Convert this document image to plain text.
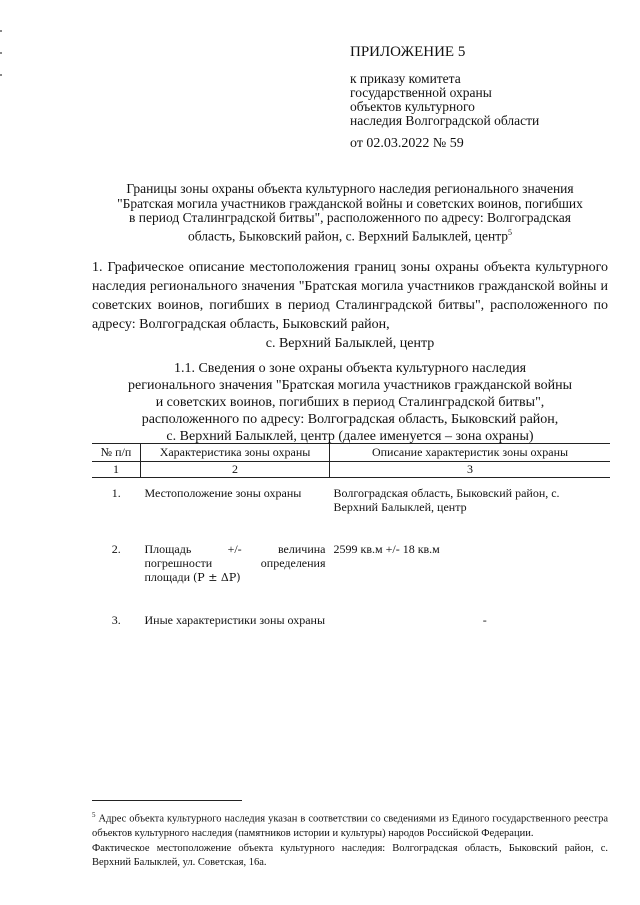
ПРИЛОЖЕНИЕ 5
к приказу комитета
государственной охраны
объектов культурного
наследия Волгоградской области
от 02.03.2022 № 59
Границы зоны охраны объекта культурного наследия регионального значения
"Братская могила участников гражданской войны и советских воинов, погибших
в период Сталинградской битвы", расположенного по адресу: Волгоградская
область, Быковский район, с. Верхний Балыклей, центр$^5$
1. Графическое описание местоположения границ зоны охраны объекта культурного наследия регионального значения "Братская могила участников гражданской войны и советских воинов, погибших в период Сталинградской битвы", расположенного по адресу: Волгоградская область, Быковский район,
с. Верхний Балыклей, центр
1.1. Сведения о зоне охраны объекта культурного наследия
регионального значения "Братская могила участников гражданской войны
и советских воинов, погибших в период Сталинградской битвы",
расположенного по адресу: Волгоградская область, Быковский район,
с. Верхний Балыклей, центр (далее именуется – зона охраны)
№ п/п	Характеристика зоны охраны	Описание характеристик зоны охраны
1	2	3
1.	Местоположение зоны охраны	Волгоградская область, Быковский район, с. Верхний Балыклей, центр
2.	Площадь +/- величина погрешности определения площади (P ± ΔP)	2599 кв.м +/- 18 кв.м
3.	Иные характеристики зоны охраны	-
$^5$ Адрес объекта культурного наследия указан в соответствии со сведениями из Единого государственного реестра объектов культурного наследия (памятников истории и культуры) народов Российской Федерации.
Фактическое местоположение объекта культурного наследия: Волгоградская область, Быковский район, с. Верхний Балыклей, ул. Советская, 16а.
